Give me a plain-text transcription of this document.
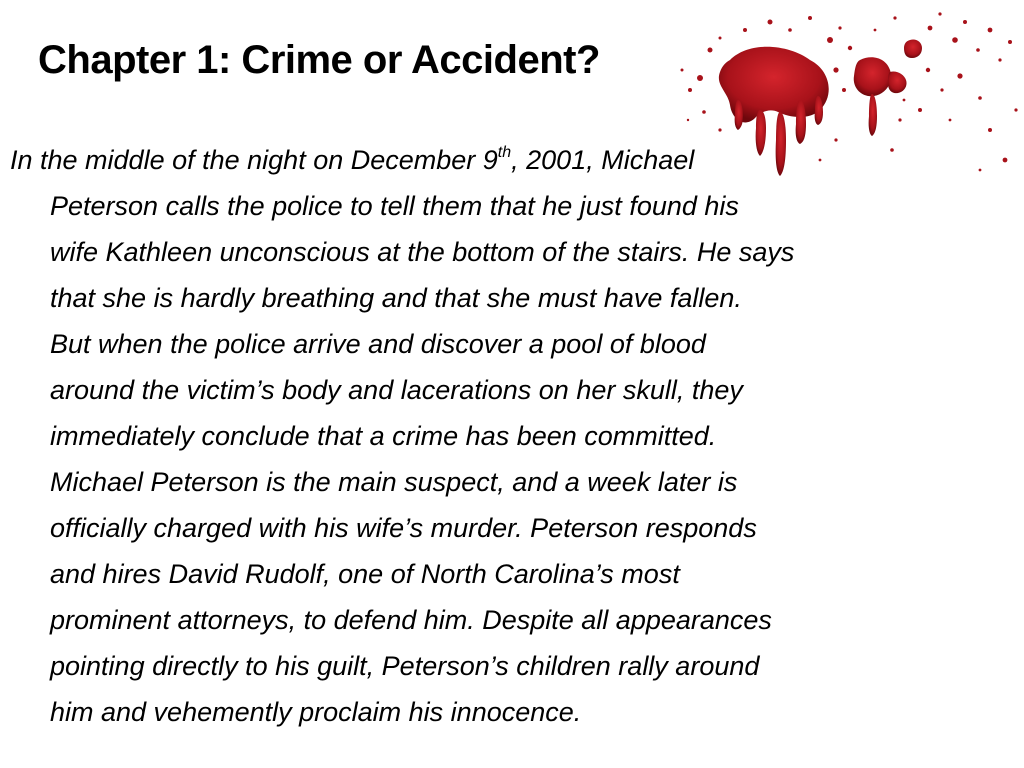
Chapter 1: Crime or Accident?

In the middle of the night on December 9th, 2001, Michael
Peterson calls the police to tell them that he just found his
wife Kathleen unconscious at the bottom of the stairs. He says
that she is hardly breathing and that she must have fallen.
But when the police arrive and discover a pool of blood
around the victim’s body and lacerations on her skull, they
immediately conclude that a crime has been committed.
Michael Peterson is the main suspect, and a week later is
officially charged with his wife’s murder. Peterson responds
and hires David Rudolf, one of North Carolina’s most
prominent attorneys, to defend him. Despite all appearances
pointing directly to his guilt, Peterson’s children rally around
him and vehemently proclaim his innocence.
